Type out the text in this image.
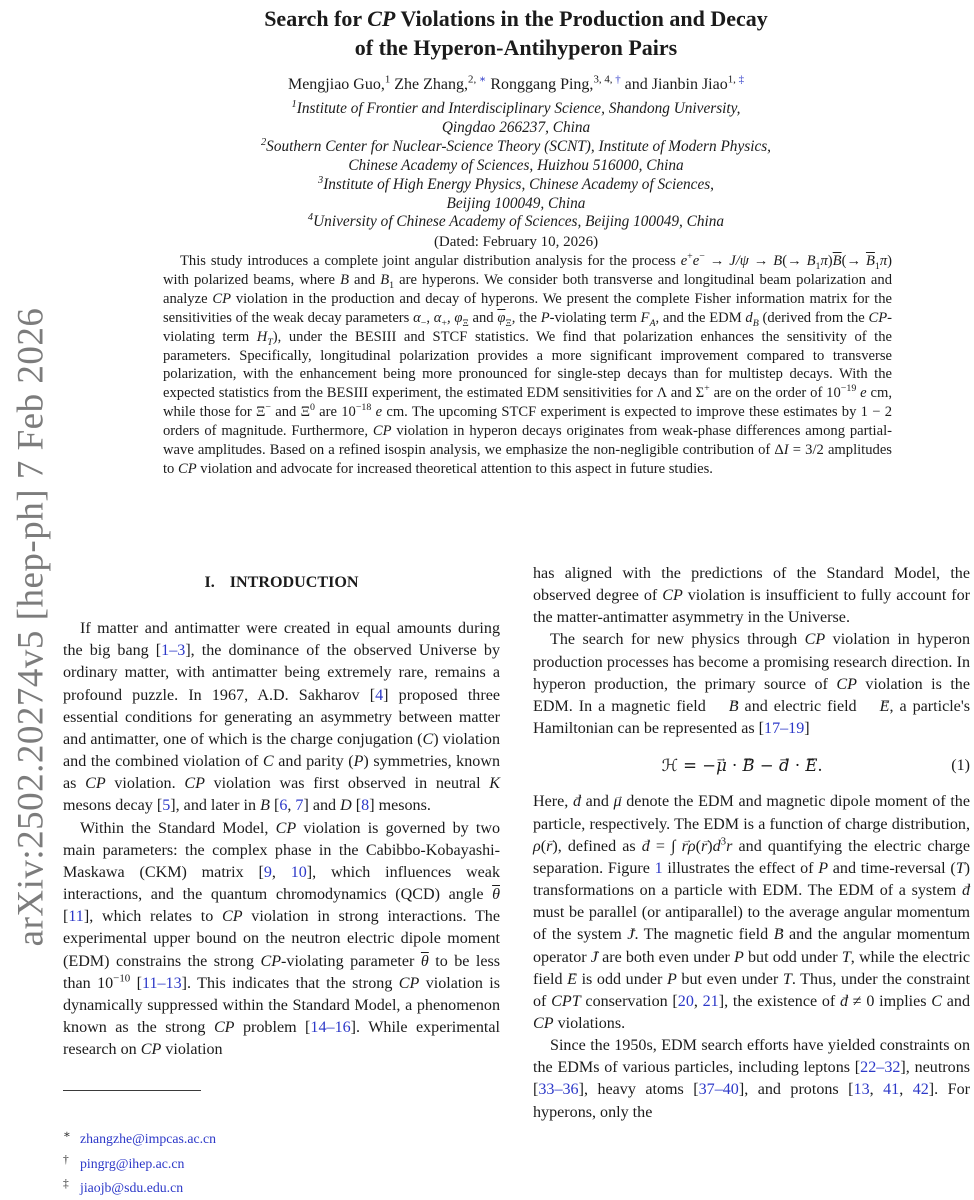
arXiv:2502.20274v5 [hep-ph] 7 Feb 2026
Search for CP Violations in the Production and Decay
of the Hyperon-Antihyperon Pairs
Mengjiao Guo,$^1$ Zhe Zhang,$^{2, ∗}$ Ronggang Ping,$^{3, 4, \dagger}$ and Jianbin Jiao$^{1, \ddagger}$
$^1$Institute of Frontier and Interdisciplinary Science, Shandong University,
Qingdao 266237, China
$^2$Southern Center for Nuclear-Science Theory (SCNT), Institute of Modern Physics,
Chinese Academy of Sciences, Huizhou 516000, China
$^3$Institute of High Energy Physics, Chinese Academy of Sciences,
Beijing 100049, China
$^4$University of Chinese Academy of Sciences, Beijing 100049, China
(Dated: February 10, 2026)
This study introduces a complete joint angular distribution analysis for the process $e^+e^- \to J/\psi \to B(\to B_1\pi)\overline{B}(\to \overline{B}_1\pi)$ with polarized beams, where B and $B_1$ are hyperons. We consider both transverse and longitudinal beam polarization and analyze CP violation in the production and decay of hyperons. We present the complete Fisher information matrix for the sensitivities of the weak decay parameters $\alpha_-$, $\alpha_+$, $\varphi_\Xi$ and $\overline{\varphi}_\Xi$, the P-violating term $F_A$, and the EDM $d_B$ (derived from the CP-violating term $H_T$), under the BESIII and STCF statistics. We find that polarization enhances the sensitivity of the parameters. Specifically, longitudinal polarization provides a more significant improvement compared to transverse polarization, with the enhancement being more pronounced for single-step decays than for multistep decays. With the expected statistics from the BESIII experiment, the estimated EDM sensitivities for Λ and Σ+ are on the order of $10^{-19}$ e cm, while those for Ξ− and $\Xi^0$ are $10^{-18}$ e cm. The upcoming STCF experiment is expected to improve these estimates by 1 − 2 orders of magnitude. Furthermore, CP violation in hyperon decays originates from weak-phase differences among partial-wave amplitudes. Based on a refined isospin analysis, we emphasize the non-negligible contribution of ΔI = 3/2 amplitudes to CP violation and advocate for increased theoretical attention to this aspect in future studies.
I. INTRODUCTION

If matter and antimatter were created in equal amounts during the big bang [1–3], the dominance of the observed Universe by ordinary matter, with antimatter being extremely rare, remains a profound puzzle. In 1967, A.D. Sakharov [4] proposed three essential conditions for generating an asymmetry between matter and antimatter, one of which is the charge conjugation (C) violation and the combined violation of C and parity (P) symmetries, known as CP violation. CP violation was first observed in neutral K mesons decay [5], and later in B [6, 7] and D [8] mesons.

Within the Standard Model, CP violation is governed by two main parameters: the complex phase in the Cabibbo-Kobayashi-Maskawa (CKM) matrix [9, 10], which influences weak interactions, and the quantum chromodynamics (QCD) angle $\overline{\theta}$ [11], which relates to CP violation in strong interactions. The experimental upper bound on the neutron electric dipole moment (EDM) constrains the strong CP-violating parameter $\overline{\theta}$ to be less than $10^{-10}$ [11–13]. This indicates that the strong CP violation is dynamically suppressed within the Standard Model, a phenomenon known as the strong CP problem [14–16]. While experimental research on CP violation

has aligned with the predictions of the Standard Model, the observed degree of CP violation is insufficient to fully account for the matter-antimatter asymmetry in the Universe.

The search for new physics through CP violation in hyperon production processes has become a promising research direction. In hyperon production, the primary source of CP violation is the EDM. In a magnetic field B → and electric field E →, a particle's Hamiltonian can be represented as [17–19]

ℋ = −μ → · B → − d → · E →.	(1)

Here, d → and μ → denote the EDM and magnetic dipole moment of the particle, respectively. The EDM is a function of charge distribution, ρ(r →), defined as d → = ∫ $r \to\rho(r \to)d^3r$ and quantifying the electric charge separation. Figure 1 illustrates the effect of P and time-reversal (T) transformations on a particle with EDM. The EDM of a system d → must be parallel (or antiparallel) to the average angular momentum of the system J →. The magnetic field B → and the angular momentum operator J → are both even under P but odd under T, while the electric field E → is odd under P but even under T. Thus, under the constraint of CPT conservation [20, 21], the existence of d → ≠ 0 implies C and CP violations.

Since the 1950s, EDM search efforts have yielded constraints on the EDMs of various particles, including leptons [22–32], neutrons [33–36], heavy atoms [37–40], and protons [13, 41, 42]. For hyperons, only the

∗ zhangzhe@impcas.ac.cn
† pingrg@ihep.ac.cn
‡ jiaojb@sdu.edu.cn
